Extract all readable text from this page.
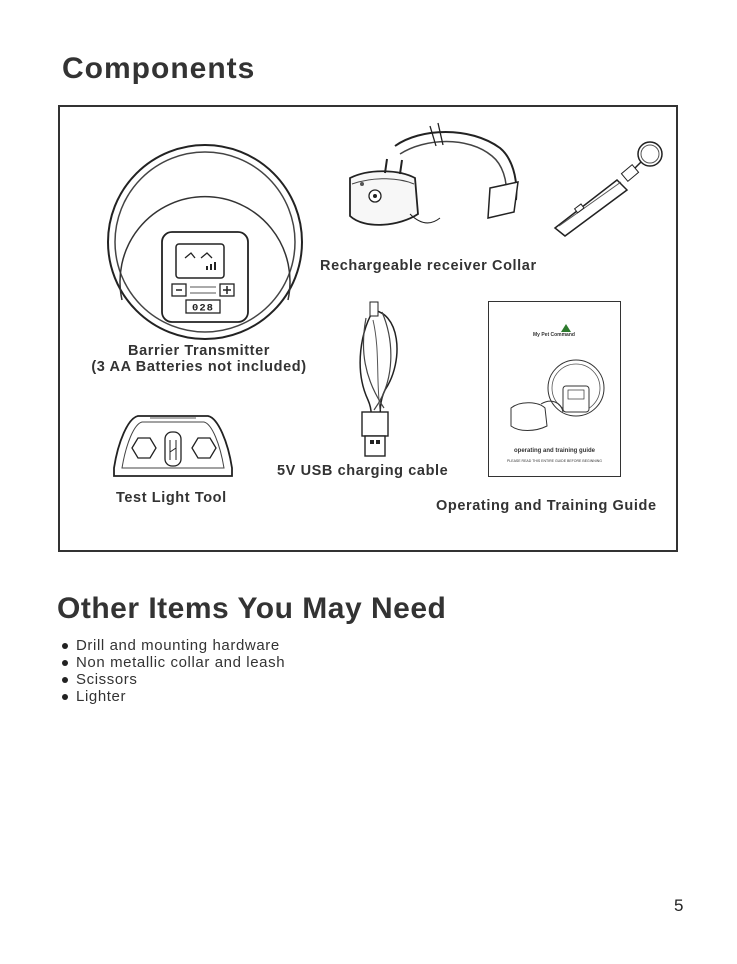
Components
028
Barrier Transmitter
(3 AA Batteries not included)
Rechargeable receiver Collar
5V USB charging cable
My Pet Command
operating and training guide
PLEASE READ THIS ENTIRE GUIDE BEFORE BEGINNING
Operating and Training Guide
Test Light Tool
Other Items You May Need
Drill and mounting hardware
Non metallic collar and leash
Scissors
Lighter
5
